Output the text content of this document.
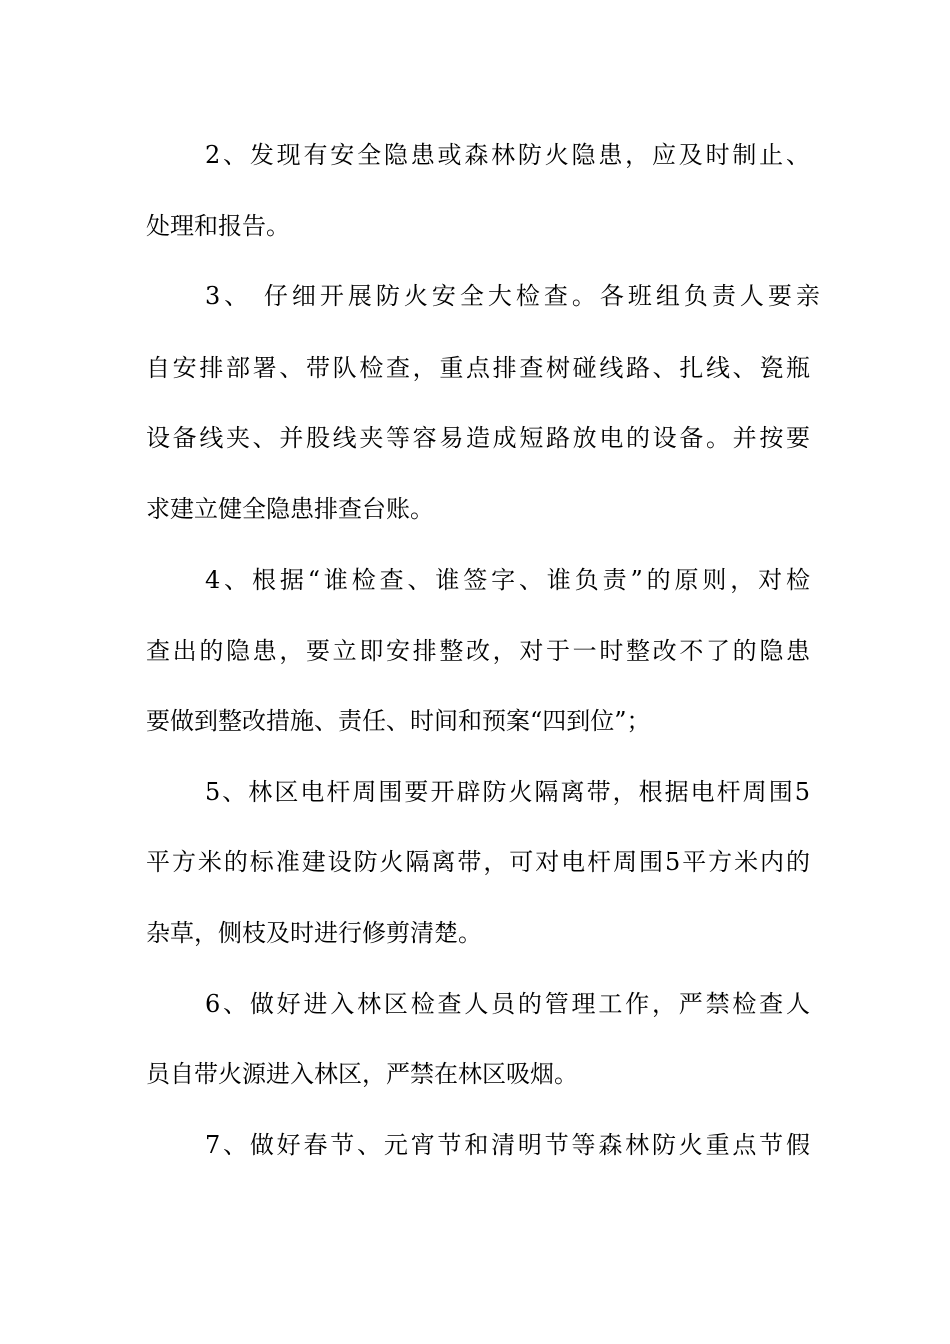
2、发现有安全隐患或森林防火隐患，应及时制止、
处理和报告。
3、 仔细开展防火安全大检查。各班组负责人要亲
自安排部署、带队检查，重点排查树碰线路、扎线、瓷瓶
设备线夹、并股线夹等容易造成短路放电的设备。并按要
求建立健全隐患排查台账。
4、根据“谁检查、谁签字、谁负责”的原则，对检
查出的隐患，要立即安排整改，对于一时整改不了的隐患
要做到整改措施、责任、时间和预案“四到位”；
5、林区电杆周围要开辟防火隔离带，根据电杆周围5
平方米的标准建设防火隔离带，可对电杆周围5平方米内的
杂草，侧枝及时进行修剪清楚。
6、做好进入林区检查人员的管理工作，严禁检查人
员自带火源进入林区，严禁在林区吸烟。
7、做好春节、元宵节和清明节等森林防火重点节假
